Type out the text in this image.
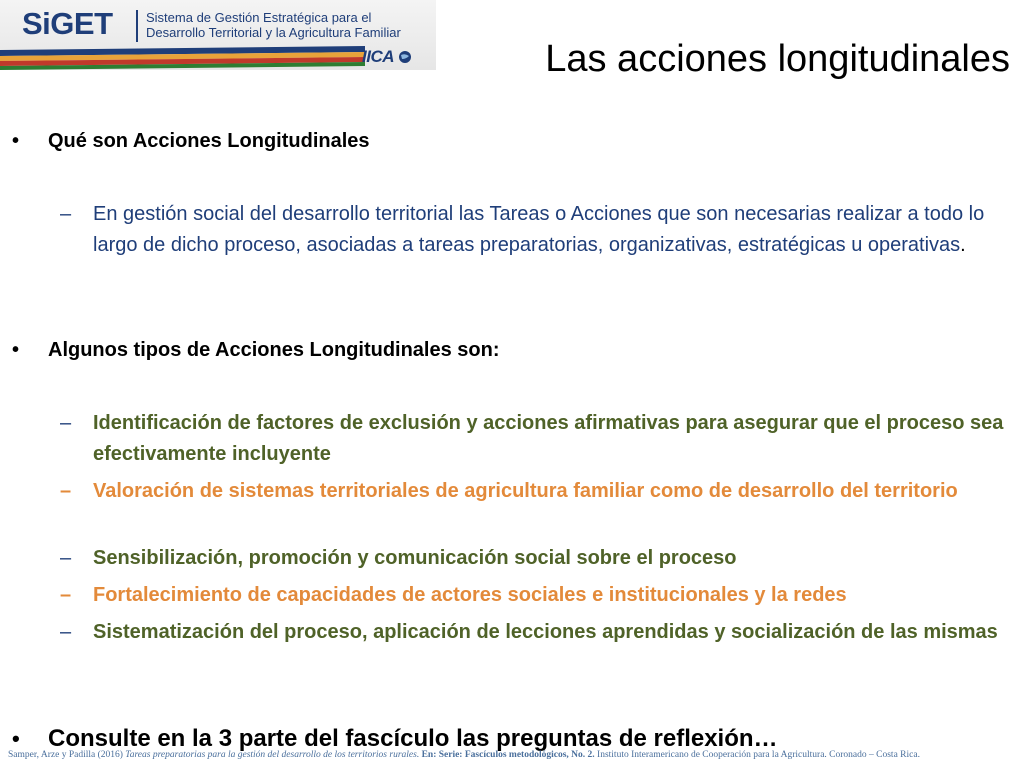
SiGET	Sistema de Gestión Estratégica para el
Desarrollo Territorial y la Agricultura Familiar
IICA	Las acciones longitudinales
• Qué son Acciones Longitudinales
– En gestión social del desarrollo territorial las Tareas o Acciones que son necesarias realizar a todo lo largo de dicho proceso, asociadas a tareas preparatorias, organizativas, estratégicas u operativas.
• Algunos tipos de Acciones Longitudinales son:
– Identificación de factores de exclusión y acciones afirmativas para asegurar que el proceso sea efectivamente incluyente
– Valoración de sistemas territoriales de agricultura familiar como de desarrollo del territorio
– Sensibilización, promoción y comunicación social sobre el proceso
– Fortalecimiento de capacidades de actores sociales e institucionales y la redes
– Sistematización del proceso, aplicación de lecciones aprendidas y socialización de las mismas
• Consulte en la 3 parte del fascículo las preguntas de reflexión…
Samper, Arze y Padilla (2016) Tareas preparatorias para la gestión del desarrollo de los territorios rurales. En: Serie: Fascículos metodológicos, No. 2. Instituto Interamericano de Cooperación para la Agricultura. Coronado – Costa Rica.
